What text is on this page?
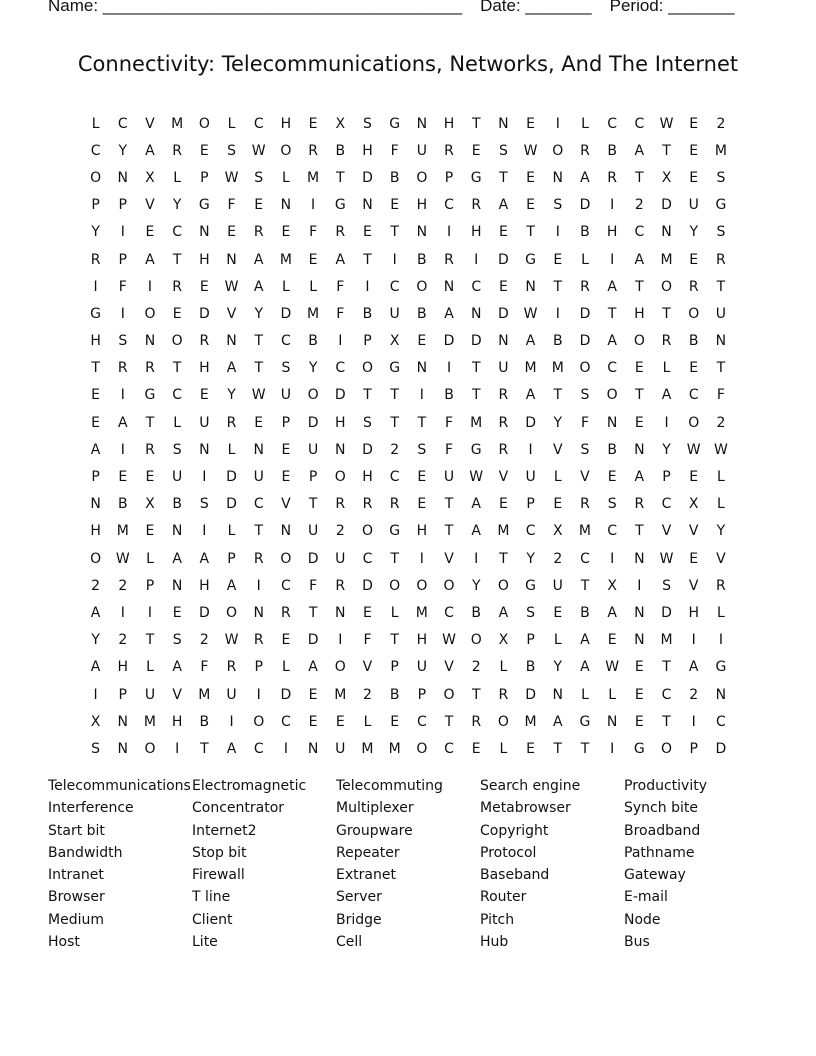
Name: ______________________________________ Date: _______ Period: _______
Connectivity: Telecommunications, Networks, And The Internet
L	C	V	M	O	L	C	H	E	X	S	G	N	H	T	N	E	I	L	C	C	W	E	2
C	Y	A	R	E	S	W	O	R	B	H	F	U	R	E	S	W	O	R	B	A	T	E	M
O	N	X	L	P	W	S	L	M	T	D	B	O	P	G	T	E	N	A	R	T	X	E	S
P	P	V	Y	G	F	E	N	I	G	N	E	H	C	R	A	E	S	D	I	2	D	U	G
Y	I	E	C	N	E	R	E	F	R	E	T	N	I	H	E	T	I	B	H	C	N	Y	S
R	P	A	T	H	N	A	M	E	A	T	I	B	R	I	D	G	E	L	I	A	M	E	R
I	F	I	R	E	W	A	L	L	F	I	C	O	N	C	E	N	T	R	A	T	O	R	T
G	I	O	E	D	V	Y	D	M	F	B	U	B	A	N	D	W	I	D	T	H	T	O	U
H	S	N	O	R	N	T	C	B	I	P	X	E	D	D	N	A	B	D	A	O	R	B	N
T	R	R	T	H	A	T	S	Y	C	O	G	N	I	T	U	M	M	O	C	E	L	E	T
E	I	G	C	E	Y	W	U	O	D	T	T	I	B	T	R	A	T	S	O	T	A	C	F
E	A	T	L	U	R	E	P	D	H	S	T	T	F	M	R	D	Y	F	N	E	I	O	2
A	I	R	S	N	L	N	E	U	N	D	2	S	F	G	R	I	V	S	B	N	Y	W W
P	E	E	U	I	D	U	E	P	O	H	C	E	U	W	V	U	L	V	E	A	P	E	L
N	B	X	B	S	D	C	V	T	R	R	R	E	T	A	E	P	E	R	S	R	C	X	L
H	M	E	N	I	L	T	N	U	2	O	G	H	T	A	M	C	X	M	C	T	V	V	Y
O	W	L	A	A	P	R	O	D	U	C	T	I	V	I	T	Y	2	C	I	N	W	E	V
2	2	P	N	H	A	I	C	F	R	D	O	O	O	Y	O	G	U	T	X	I	S	V	R
A	I	I	E	D	O	N	R	T	N	E	L	M	C	B	A	S	E	B	A	N	D	H	L
Y	2	T	S	2	W	R	E	D	I	F	T	H	W	O	X	P	L	A	E	N	M	I	I
A	H	L	A	F	R	P	L	A	O	V	P	U	V	2	L	B	Y	A	W	E	T	A	G
I	P	U	V	M	U	I	D	E	M	2	B	P	O	T	R	D	N	L	L	E	C	2	N
X	N	M	H	B	I	O	C	E	E	L	E	C	T	R	O	M	A	G	N	E	T	I	C
S	N	O	I	T	A	C	I	N	U	M	M	O	C	E	L	E	T	T	I	G	O	P	D
Telecommunications Electromagnetic	Telecommuting	Search engine	Productivity
Interference	Concentrator	Multiplexer	Metabrowser	Synch bite
Start bit	Internet2	Groupware	Copyright	Broadband
Bandwidth	Stop bit	Repeater	Protocol	Pathname
Intranet	Firewall	Extranet	Baseband	Gateway
Browser	T line	Server	Router	E-mail
Medium	Client	Bridge	Pitch	Node
Host	Lite	Cell	Hub	Bus
